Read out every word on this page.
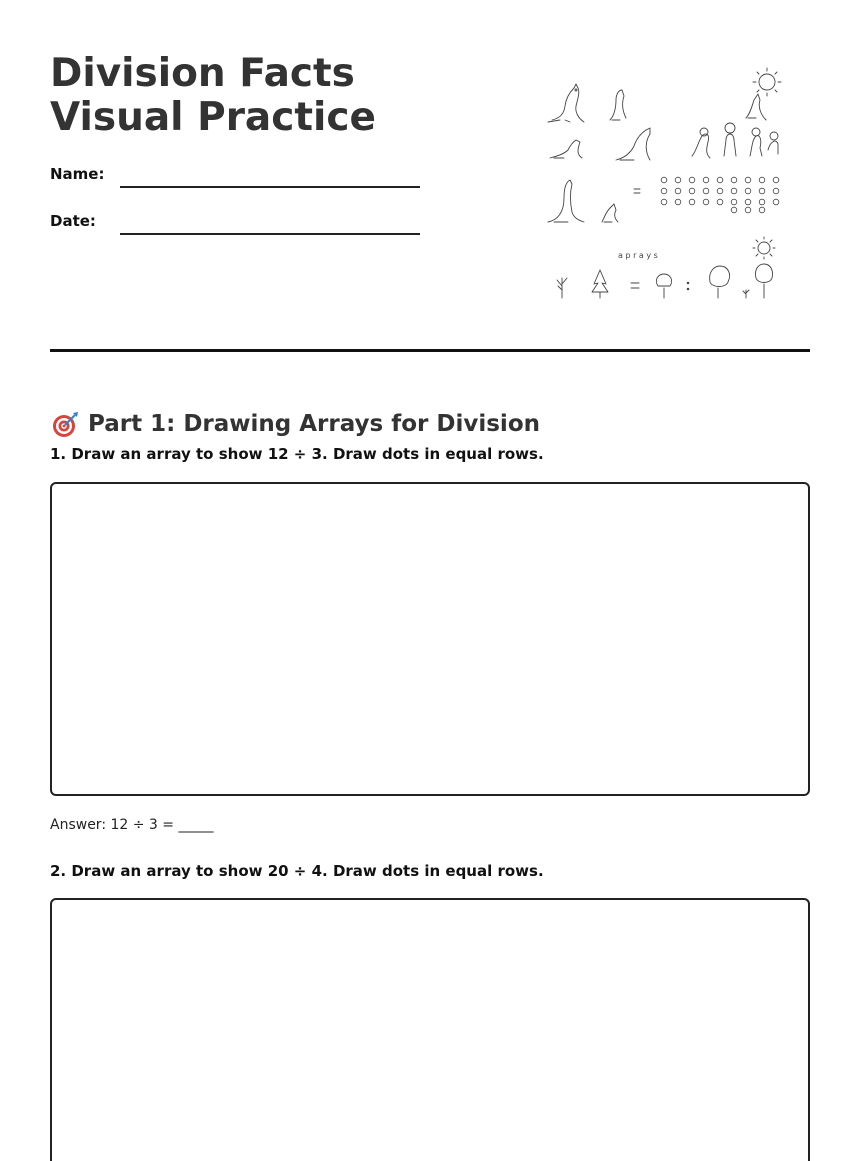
Division Facts Visual Practice
Name:
Date:
a p r a y s
Part 1: Drawing Arrays for Division
1. Draw an array to show 12 ÷ 3. Draw dots in equal rows.
Answer: 12 ÷ 3 = _____
2. Draw an array to show 20 ÷ 4. Draw dots in equal rows.
